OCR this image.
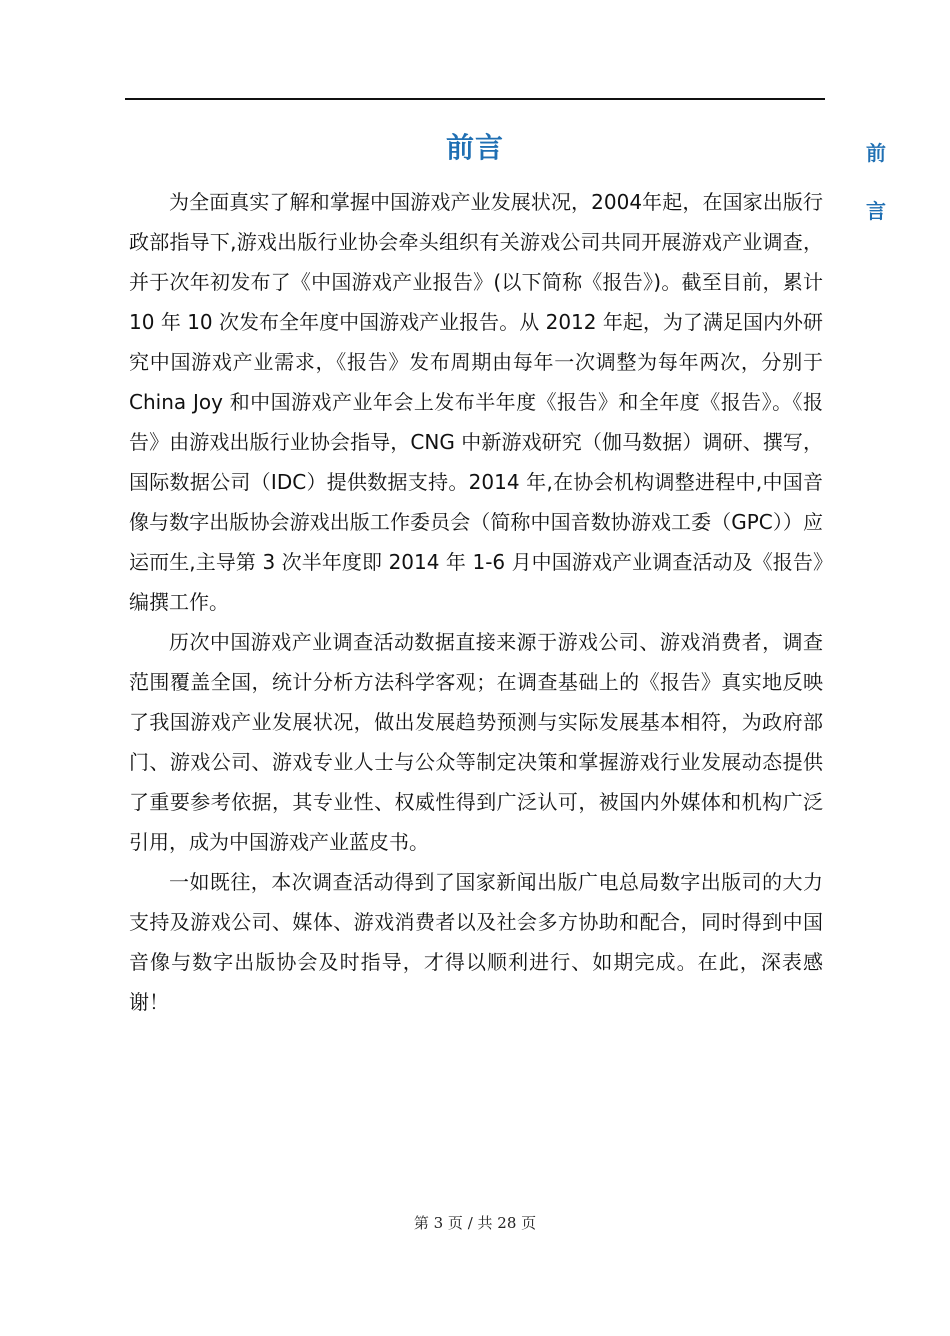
前言	前
言

为全面真实了解和掌握中国游戏产业发展状况，2004年起，在国家出版行政部指导下,游戏出版行业协会牵头组织有关游戏公司共同开展游戏产业调查，并于次年初发布了《中国游戏产业报告》(以下简称《报告》)。截至目前，累计 10 年 10 次发布全年度中国游戏产业报告。从 2012 年起，为了满足国内外研究中国游戏产业需求，《报告》发布周期由每年一次调整为每年两次，分别于 China Joy 和中国游戏产业年会上发布半年度《报告》和全年度《报告》。《报告》由游戏出版行业协会指导，CNG 中新游戏研究（伽马数据）调研、撰写，国际数据公司（IDC）提供数据支持。2014 年,在协会机构调整进程中,中国音像与数字出版协会游戏出版工作委员会（简称中国音数协游戏工委（GPC））应运而生,主导第 3 次半年度即 2014 年 1-6 月中国游戏产业调查活动及《报告》编撰工作。

历次中国游戏产业调查活动数据直接来源于游戏公司、游戏消费者，调查范围覆盖全国，统计分析方法科学客观；在调查基础上的《报告》真实地反映了我国游戏产业发展状况，做出发展趋势预测与实际发展基本相符，为政府部门、游戏公司、游戏专业人士与公众等制定决策和掌握游戏行业发展动态提供了重要参考依据，其专业性、权威性得到广泛认可，被国内外媒体和机构广泛引用，成为中国游戏产业蓝皮书。

一如既往，本次调查活动得到了国家新闻出版广电总局数字出版司的大力支持及游戏公司、媒体、游戏消费者以及社会多方协助和配合，同时得到中国音像与数字出版协会及时指导，才得以顺利进行、如期完成。在此，深表感谢！

第 3 页 / 共 28 页
